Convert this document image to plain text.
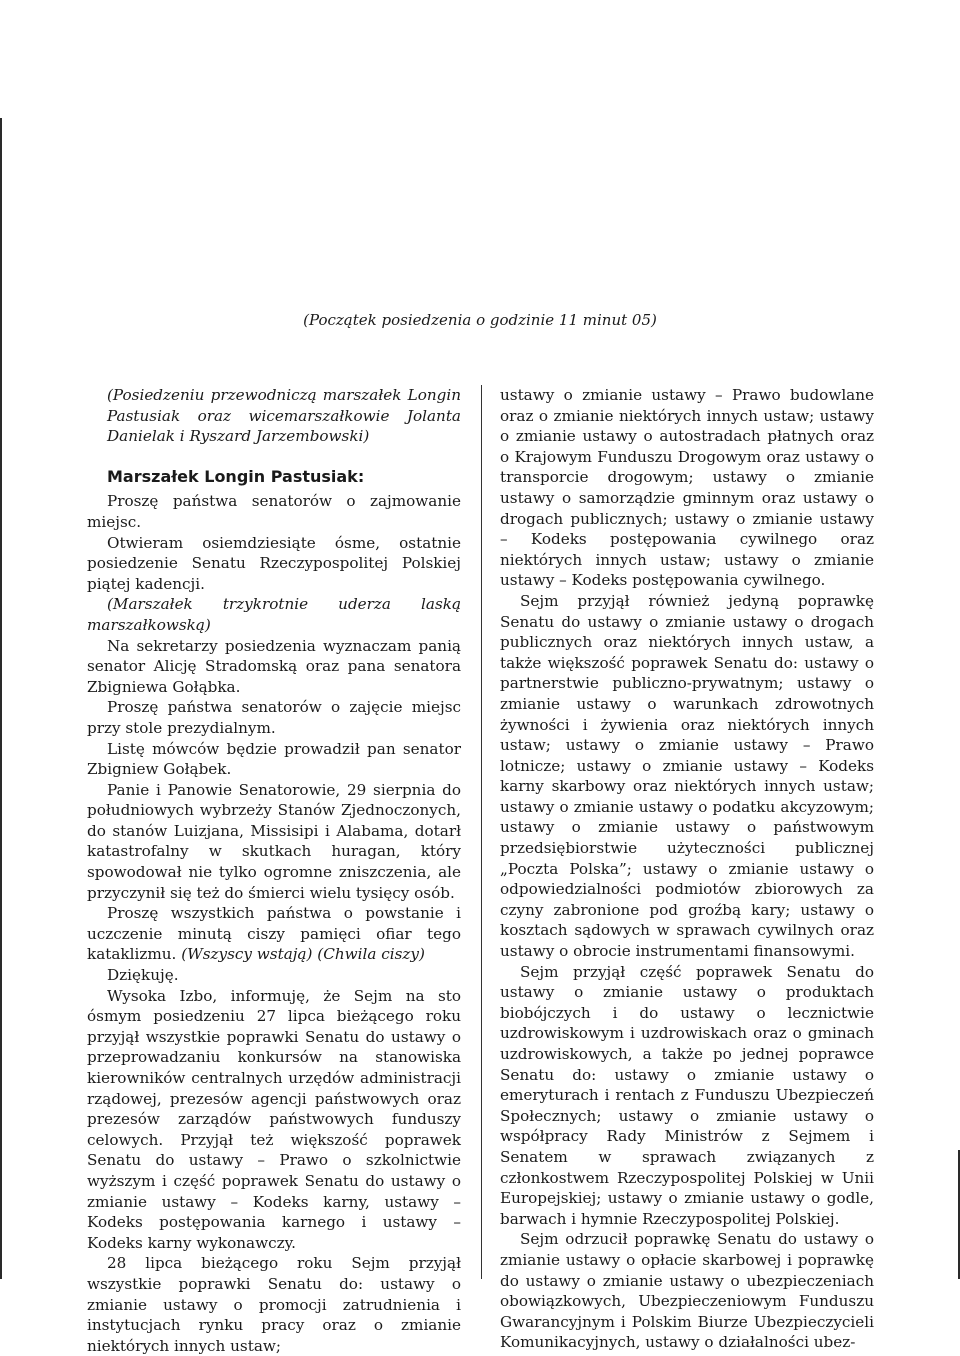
(Początek posiedzenia o godzinie 11 minut 05)

(Posiedzeniu przewodniczą marszałek Longin Pastusiak oraz wicemarszałkowie Jolanta Danielak i Ryszard Jarzembowski)

Marszałek Longin Pastusiak:

Proszę państwa senatorów o zajmowanie miejsc.

Otwieram osiemdziesiąte ósme, ostatnie posiedzenie Senatu Rzeczypospolitej Polskiej piątej kadencji.

(Marszałek trzykrotnie uderza laską marszałkowską)

Na sekretarzy posiedzenia wyznaczam panią senator Alicję Stradomską oraz pana senatora Zbigniewa Gołąbka.

Proszę państwa senatorów o zajęcie miejsc przy stole prezydialnym.

Listę mówców będzie prowadził pan senator Zbigniew Gołąbek.

Panie i Panowie Senatorowie, 29 sierpnia do południowych wybrzeży Stanów Zjednoczonych, do stanów Luizjana, Missisipi i Alabama, dotarł katastrofalny w skutkach huragan, który spowodował nie tylko ogromne zniszczenia, ale przyczynił się też do śmierci wielu tysięcy osób.

Proszę wszystkich państwa o powstanie i uczczenie minutą ciszy pamięci ofiar tego kataklizmu. (Wszyscy wstają) (Chwila ciszy)

Dziękuję.

Wysoka Izbo, informuję, że Sejm na sto ósmym posiedzeniu 27 lipca bieżącego roku przyjął wszystkie poprawki Senatu do ustawy o przeprowadzaniu konkursów na stanowiska kierowników centralnych urzędów administracji rządowej, prezesów agencji państwowych oraz prezesów zarządów państwowych funduszy celowych. Przyjął też większość poprawek Senatu do ustawy – Prawo o szkolnictwie wyższym i część poprawek Senatu do ustawy o zmianie ustawy – Kodeks karny, ustawy – Kodeks postępowania karnego i ustawy – Kodeks karny wykonawczy.

28 lipca bieżącego roku Sejm przyjął wszystkie poprawki Senatu do: ustawy o zmianie ustawy o promocji zatrudnienia i instytucjach rynku pracy oraz o zmianie niektórych innych ustaw;

ustawy o zmianie ustawy – Prawo budowlane oraz o zmianie niektórych innych ustaw; ustawy o zmianie ustawy o autostradach płatnych oraz o Krajowym Funduszu Drogowym oraz ustawy o transporcie drogowym; ustawy o zmianie ustawy o samorządzie gminnym oraz ustawy o drogach publicznych; ustawy o zmianie ustawy – Kodeks postępowania cywilnego oraz niektórych innych ustaw; ustawy o zmianie ustawy – Kodeks postępowania cywilnego.

Sejm przyjął również jedyną poprawkę Senatu do ustawy o zmianie ustawy o drogach publicznych oraz niektórych innych ustaw, a także większość poprawek Senatu do: ustawy o partnerstwie publiczno-prywatnym; ustawy o zmianie ustawy o warunkach zdrowotnych żywności i żywienia oraz niektórych innych ustaw; ustawy o zmianie ustawy – Prawo lotnicze; ustawy o zmianie ustawy – Kodeks karny skarbowy oraz niektórych innych ustaw; ustawy o zmianie ustawy o podatku akcyzowym; ustawy o zmianie ustawy o państwowym przedsiębiorstwie użyteczności publicznej „Poczta Polska”; ustawy o zmianie ustawy o odpowiedzialności podmiotów zbiorowych za czyny zabronione pod groźbą kary; ustawy o kosztach sądowych w sprawach cywilnych oraz ustawy o obrocie instrumentami finansowymi.

Sejm przyjął część poprawek Senatu do ustawy o zmianie ustawy o produktach biobójczych i do ustawy o lecznictwie uzdrowiskowym i uzdrowiskach oraz o gminach uzdrowiskowych, a także po jednej poprawce Senatu do: ustawy o zmianie ustawy o emeryturach i rentach z Funduszu Ubezpieczeń Społecznych; ustawy o zmianie ustawy o współpracy Rady Ministrów z Sejmem i Senatem w sprawach związanych z członkostwem Rzeczypospolitej Polskiej w Unii Europejskiej; ustawy o zmianie ustawy o godle, barwach i hymnie Rzeczypospolitej Polskiej.

Sejm odrzucił poprawkę Senatu do ustawy o zmianie ustawy o opłacie skarbowej i poprawkę do ustawy o zmianie ustawy o ubezpieczeniach obowiązkowych, Ubezpieczeniowym Funduszu Gwarancyjnym i Polskim Biurze Ubezpieczycieli Komunikacyjnych, ustawy o działalności ubez-
